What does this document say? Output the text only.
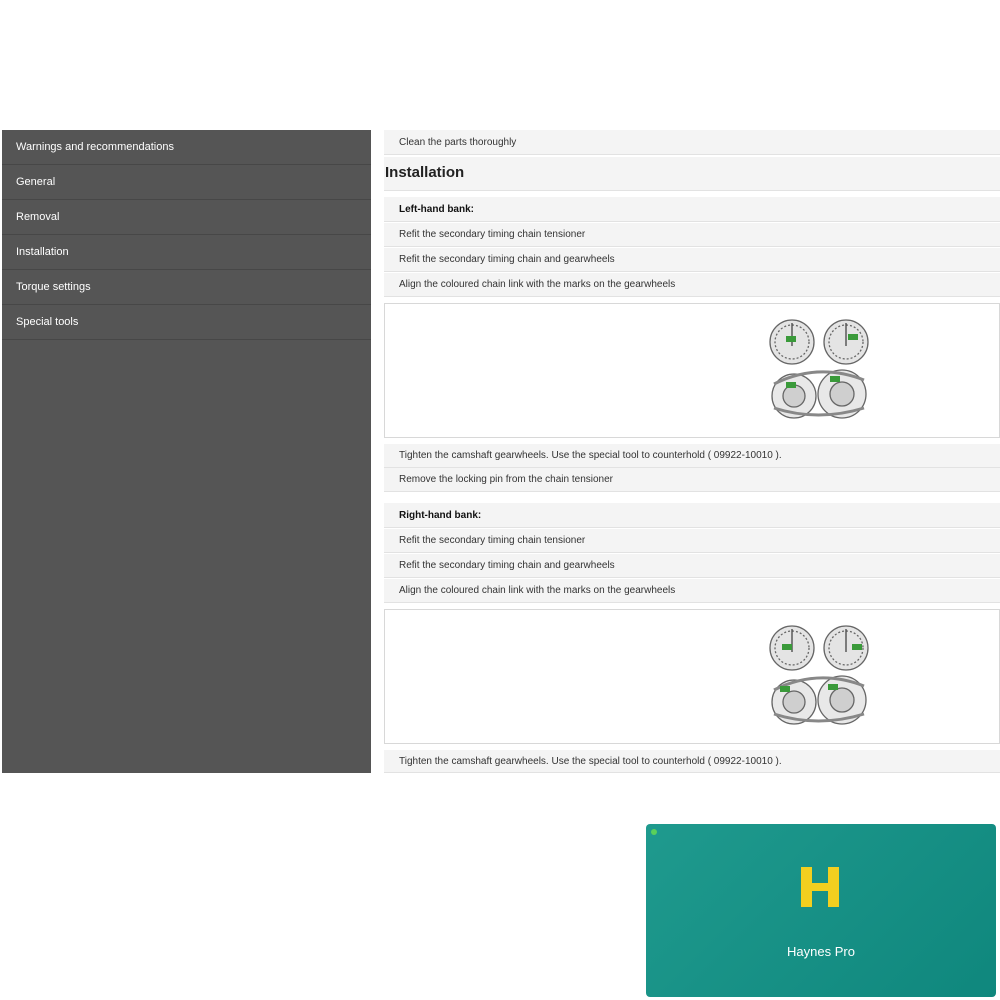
Warnings and recommendations
General
Removal
Installation
Torque settings
Special tools
Clean the parts thoroughly
Installation
Left-hand bank:
Refit the secondary timing chain tensioner
Refit the secondary timing chain and gearwheels
Align the coloured chain link with the marks on the gearwheels
Tighten the camshaft gearwheels. Use the special tool to counterhold ( 09922-10010 ).
Remove the locking pin from the chain tensioner
Right-hand bank:
Refit the secondary timing chain tensioner
Refit the secondary timing chain and gearwheels
Align the coloured chain link with the marks on the gearwheels
Tighten the camshaft gearwheels. Use the special tool to counterhold ( 09922-10010 ).
Haynes Pro
